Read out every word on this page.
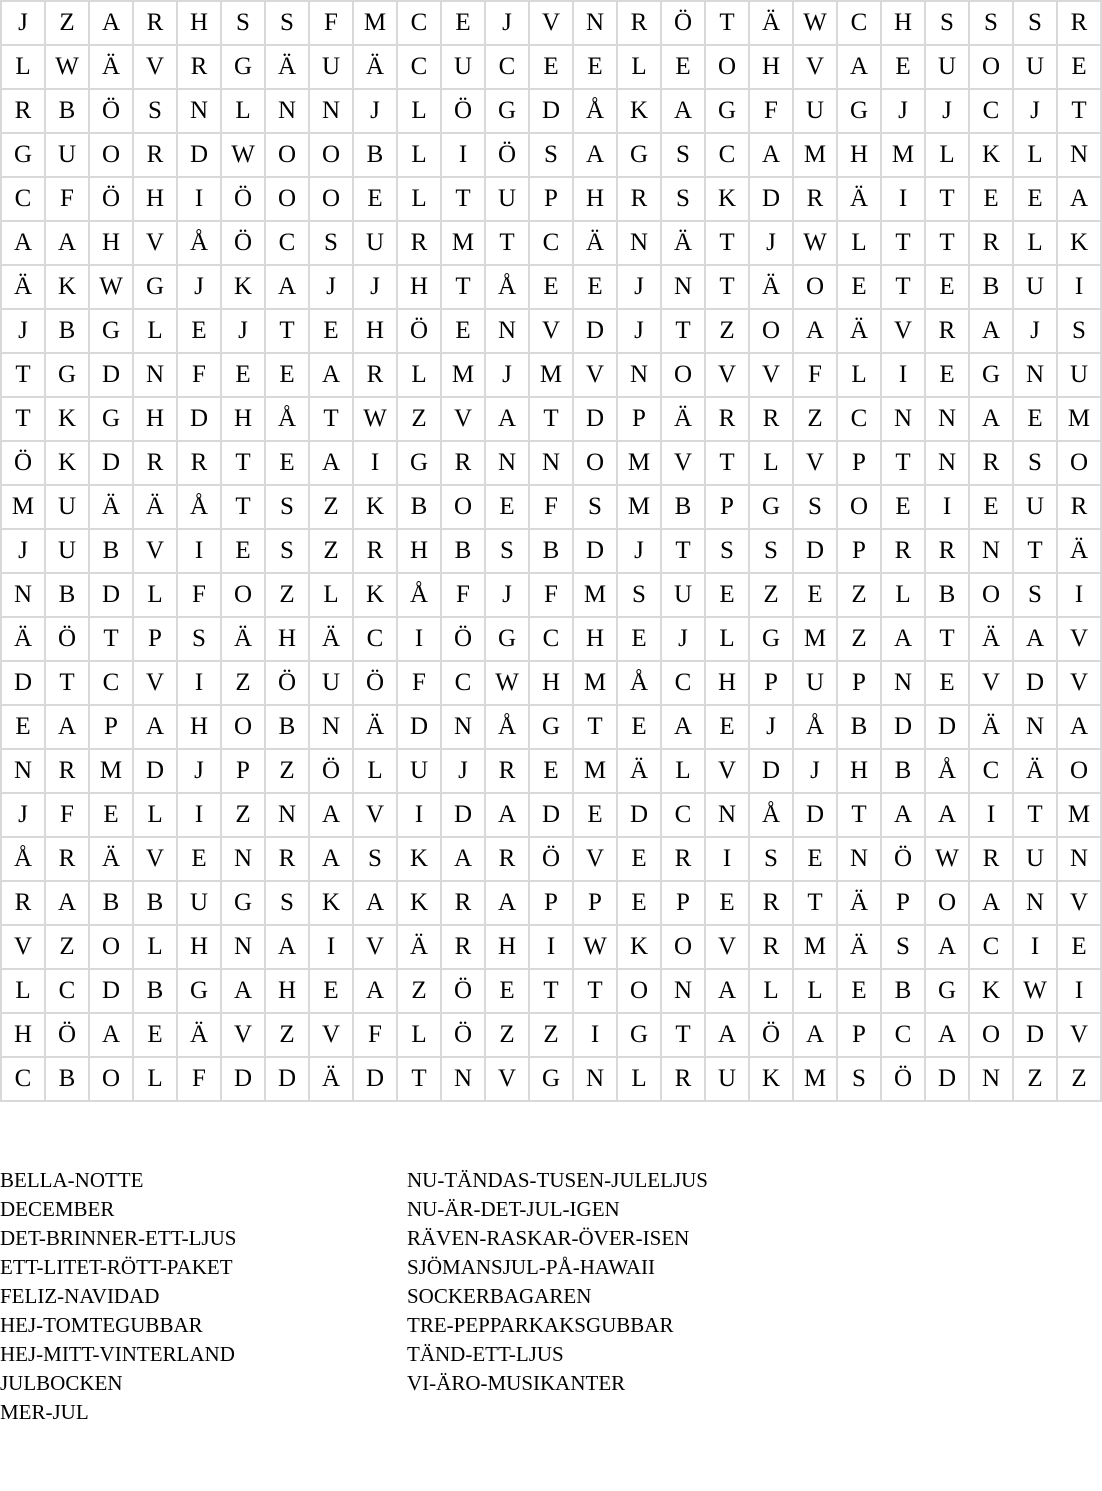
J	Z	A	R	H	S	S	F	M	C	E	J	V	N	R	Ö	T	Ä	W	C	H	S	S	S	R
L	W	Ä	V	R	G	Ä	U	Ä	C	U	C	E	E	L	E	O	H	V	A	E	U	O	U	E
R	B	Ö	S	N	L	N	N	J	L	Ö	G	D	Å	K	A	G	F	U	G	J	J	C	J	T
G	U	O	R	D	W	O	O	B	L	I	Ö	S	A	G	S	C	A	M	H	M	L	K	L	N
C	F	Ö	H	I	Ö	O	O	E	L	T	U	P	H	R	S	K	D	R	Ä	I	T	E	E	A
A	A	H	V	Å	Ö	C	S	U	R	M	T	C	Ä	N	Ä	T	J	W	L	T	T	R	L	K
Ä	K	W	G	J	K	A	J	J	H	T	Å	E	E	J	N	T	Ä	O	E	T	E	B	U	I
J	B	G	L	E	J	T	E	H	Ö	E	N	V	D	J	T	Z	O	A	Ä	V	R	A	J	S
T	G	D	N	F	E	E	A	R	L	M	J	M	V	N	O	V	V	F	L	I	E	G	N	U
T	K	G	H	D	H	Å	T	W	Z	V	A	T	D	P	Ä	R	R	Z	C	N	N	A	E	M
Ö	K	D	R	R	T	E	A	I	G	R	N	N	O	M	V	T	L	V	P	T	N	R	S	O
M	U	Ä	Ä	Å	T	S	Z	K	B	O	E	F	S	M	B	P	G	S	O	E	I	E	U	R
J	U	B	V	I	E	S	Z	R	H	B	S	B	D	J	T	S	S	D	P	R	R	N	T	Ä
N	B	D	L	F	O	Z	L	K	Å	F	J	F	M	S	U	E	Z	E	Z	L	B	O	S	I
Ä	Ö	T	P	S	Ä	H	Ä	C	I	Ö	G	C	H	E	J	L	G	M	Z	A	T	Ä	A	V
D	T	C	V	I	Z	Ö	U	Ö	F	C	W	H	M	Å	C	H	P	U	P	N	E	V	D	V
E	A	P	A	H	O	B	N	Ä	D	N	Å	G	T	E	A	E	J	Å	B	D	D	Ä	N	A
N	R	M	D	J	P	Z	Ö	L	U	J	R	E	M	Ä	L	V	D	J	H	B	Å	C	Ä	O
J	F	E	L	I	Z	N	A	V	I	D	A	D	E	D	C	N	Å	D	T	A	A	I	T	M
Å	R	Ä	V	E	N	R	A	S	K	A	R	Ö	V	E	R	I	S	E	N	Ö	W	R	U	N
R	A	B	B	U	G	S	K	A	K	R	A	P	P	E	P	E	R	T	Ä	P	O	A	N	V
V	Z	O	L	H	N	A	I	V	Ä	R	H	I	W	K	O	V	R	M	Ä	S	A	C	I	E
L	C	D	B	G	A	H	E	A	Z	Ö	E	T	T	O	N	A	L	L	E	B	G	K	W	I
H	Ö	A	E	Ä	V	Z	V	F	L	Ö	Z	Z	I	G	T	A	Ö	A	P	C	A	O	D	V
C	B	O	L	F	D	D	Ä	D	T	N	V	G	N	L	R	U	K	M	S	Ö	D	N	Z	Z
BELLA-NOTTE
DECEMBER
DET-BRINNER-ETT-LJUS
ETT-LITET-RÖTT-PAKET
FELIZ-NAVIDAD
HEJ-TOMTEGUBBAR
HEJ-MITT-VINTERLAND
JULBOCKEN
MER-JUL
NU-TÄNDAS-TUSEN-JULELJUS
NU-ÄR-DET-JUL-IGEN
RÄVEN-RASKAR-ÖVER-ISEN
SJÖMANSJUL-PÅ-HAWAII
SOCKERBAGAREN
TRE-PEPPARKAKSGUBBAR
TÄND-ETT-LJUS
VI-ÄRO-MUSIKANTER
